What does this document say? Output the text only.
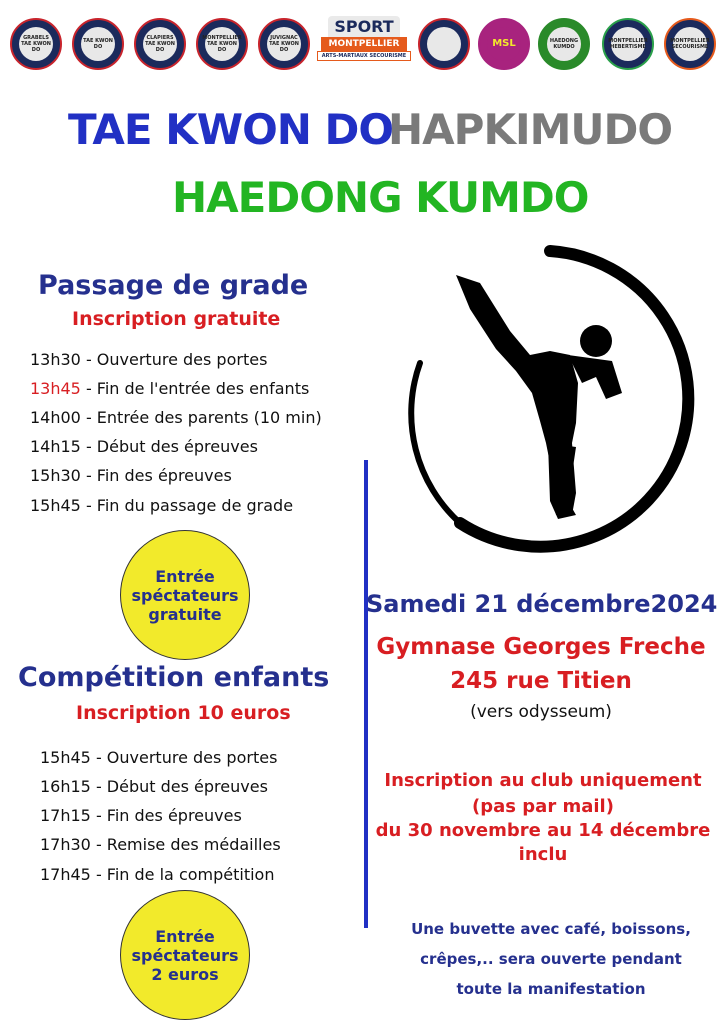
GRABELS TAE KWON DO
TAE KWON DO
CLAPIERS TAE KWON DO
MONTPELLIER TAE KWON DO
JUVIGNAC TAE KWON DO
SPORT
MONTPELLIER
ARTS-MARTIAUX SECOURISME
MSL	HAEDONG KUMDO
MONTPELLIER HEBERTISME
MONTPELLIER SECOURISME
TAE KWON DO
HAPKIMUDO
HAEDONG KUMDO
Passage de grade
Inscription gratuite
13h30 - Ouverture des portes
13h45 - Fin de l'entrée des enfants
14h00 - Entrée des parents (10 min)
14h15 - Début des épreuves
15h30 - Fin des épreuves
15h45 - Fin du passage de grade
Entrée
spéctateurs
gratuite
Compétition enfants
Inscription 10 euros
15h45 - Ouverture des portes
16h15 - Début des épreuves
17h15 - Fin des épreuves
17h30 - Remise des médailles
17h45 - Fin de la compétition
Entrée
spéctateurs
2 euros
Samedi 21 décembre2024
Gymnase Georges Freche
245 rue Titien
(vers odysseum)
Inscription au club uniquement
(pas par mail)
du 30 novembre au 14 décembre
inclu
Une buvette avec café, boissons,
crêpes,.. sera ouverte pendant
toute la manifestation
